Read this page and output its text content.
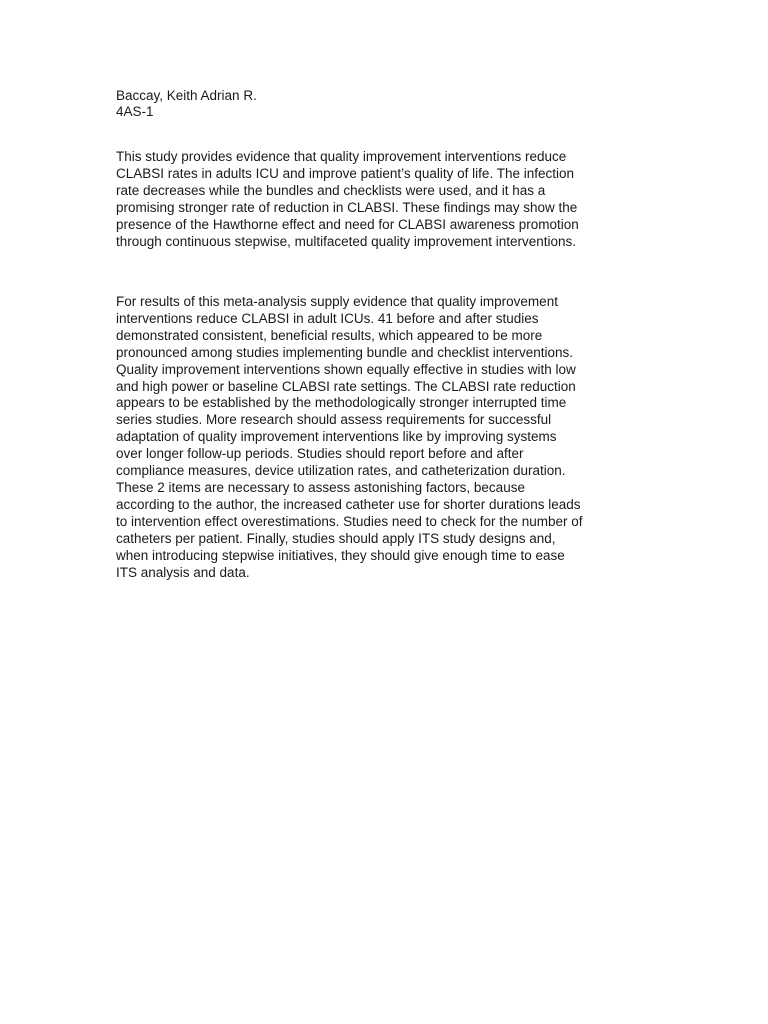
Baccay, Keith Adrian R.
4AS-1
This study provides evidence that quality improvement interventions reduce
CLABSI rates in adults ICU and improve patient’s quality of life. The infection
rate decreases while the bundles and checklists were used, and it has a
promising stronger rate of reduction in CLABSI. These findings may show the
presence of the Hawthorne effect and need for CLABSI awareness promotion
through continuous stepwise, multifaceted quality improvement interventions.
For results of this meta-analysis supply evidence that quality improvement
interventions reduce CLABSI in adult ICUs. 41 before and after studies
demonstrated consistent, beneficial results, which appeared to be more
pronounced among studies implementing bundle and checklist interventions.
Quality improvement interventions shown equally effective in studies with low
and high power or baseline CLABSI rate settings. The CLABSI rate reduction
appears to be established by the methodologically stronger interrupted time
series studies. More research should assess requirements for successful
adaptation of quality improvement interventions like by improving systems
over longer follow-up periods. Studies should report before and after
compliance measures, device utilization rates, and catheterization duration.
These 2 items are necessary to assess astonishing factors, because
according to the author, the increased catheter use for shorter durations leads
to intervention effect overestimations. Studies need to check for the number of
catheters per patient. Finally, studies should apply ITS study designs and,
when introducing stepwise initiatives, they should give enough time to ease
ITS analysis and data.
